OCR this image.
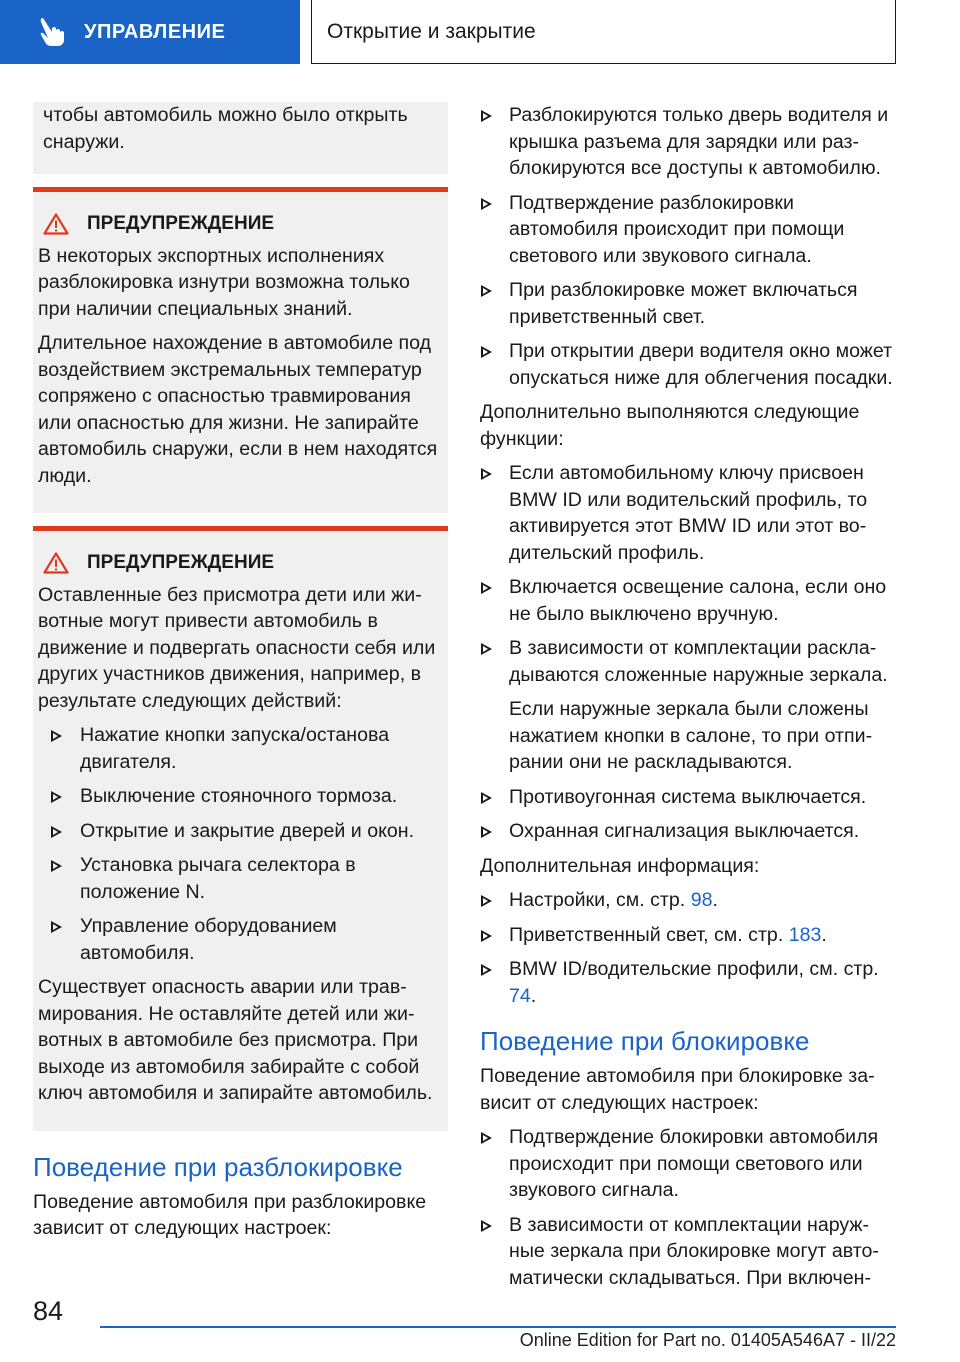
УПРАВЛЕНИЕ	Открытие и закрытие
чтобы автомобиль можно было открыть снаружи.
ПРЕДУПРЕЖДЕНИЕ

В некоторых экспортных исполнениях разблокировка изнутри возможна только при наличии специальных знаний.

Длительное нахождение в автомобиле под воздействием экстремальных температур сопряжено с опасностью травмирования или опасностью для жизни. Не запирайте автомобиль снаружи, если в нем находятся люди.

ПРЕДУПРЕЖДЕНИЕ

Оставленные без присмотра дети или животные могут привести автомобиль в движение и подвергать опасности себя или других участников движения, например, в результате следующих действий:

Нажатие кнопки запуска/останова двигателя.
Выключение стояночного тормоза.
Открытие и закрытие дверей и окон.
Установка рычага селектора в положение N.
Управление оборудованием автомобиля.

Существует опасность аварии или травмирования. Не оставляйте детей или животных в автомобиле без присмотра. При выходе из автомобиля забирайте с собой ключ автомобиля и запирайте автомобиль.

Поведение при разблокировке

Поведение автомобиля при разблокировке зависит от следующих настроек:

Разблокируются только дверь водителя и крышка разъема для зарядки или разблокируются все доступы к автомобилю.
Подтверждение разблокировки автомобиля происходит при помощи светового или звукового сигнала.
При разблокировке может включаться приветственный свет.
При открытии двери водителя окно может опускаться ниже для облегчения посадки.

Дополнительно выполняются следующие функции:

Если автомобильному ключу присвоен BMW ID или водительский профиль, то активируется этот BMW ID или этот водительский профиль.
Включается освещение салона, если оно не было выключено вручную.
В зависимости от комплектации раскладываются сложенные наружные зеркала.
Если наружные зеркала были сложены нажатием кнопки в салоне, то при отпирании они не раскладываются.
Противоугонная система выключается.
Охранная сигнализация выключается.

Дополнительная информация:

Настройки, см. стр. 98.
Приветственный свет, см. стр. 183.
BMW ID/водительские профили, см. стр. 74.
Поведение при блокировке

Поведение автомобиля при блокировке зависит от следующих настроек:

Подтверждение блокировки автомобиля происходит при помощи светового или звукового сигнала.
В зависимости от комплектации наружные зеркала при блокировке могут автоматически складываться. При включен-
84
Online Edition for Part no. 01405A546A7 - II/22
